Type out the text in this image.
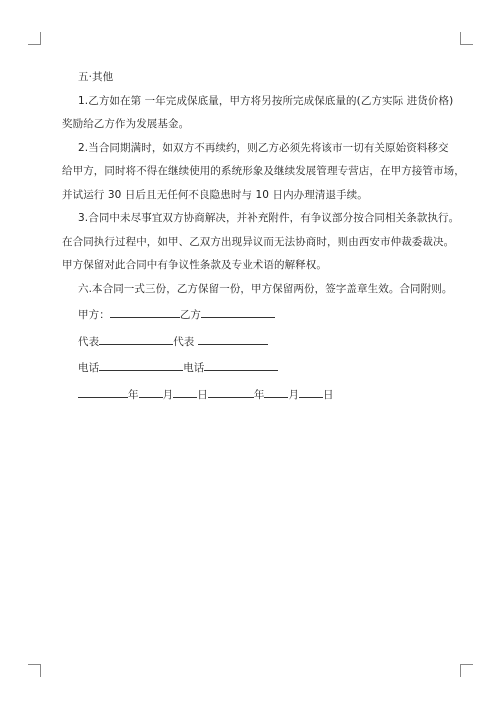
五·其他
1.乙方如在第 一年完成保底量，甲方将另按所完成保底量的(乙方实际 进货价格)
奖励给乙方作为发展基金。
2.当合同期满时，如双方不再续约，则乙方必须先将该市一切有关原始资料移交
给甲方，同时将不得在继续使用的系统形象及继续发展管理专营店，在甲方接管市场，
并试运行 30 日后且无任何不良隐患时与 10 日内办理清退手续。
3.合同中未尽事宜双方协商解决，并补充附件，有争议部分按合同相关条款执行。
在合同执行过程中，如甲、乙双方出现异议而无法协商时，则由西安市仲裁委裁决。
甲方保留对此合同中有争议性条款及专业术语的解释权。
六.本合同一式三份，乙方保留一份，甲方保留两份，签字盖章生效。合同附则。
甲方：	乙方
代表	代表
电话	电话
年 月 日	年 月 日
